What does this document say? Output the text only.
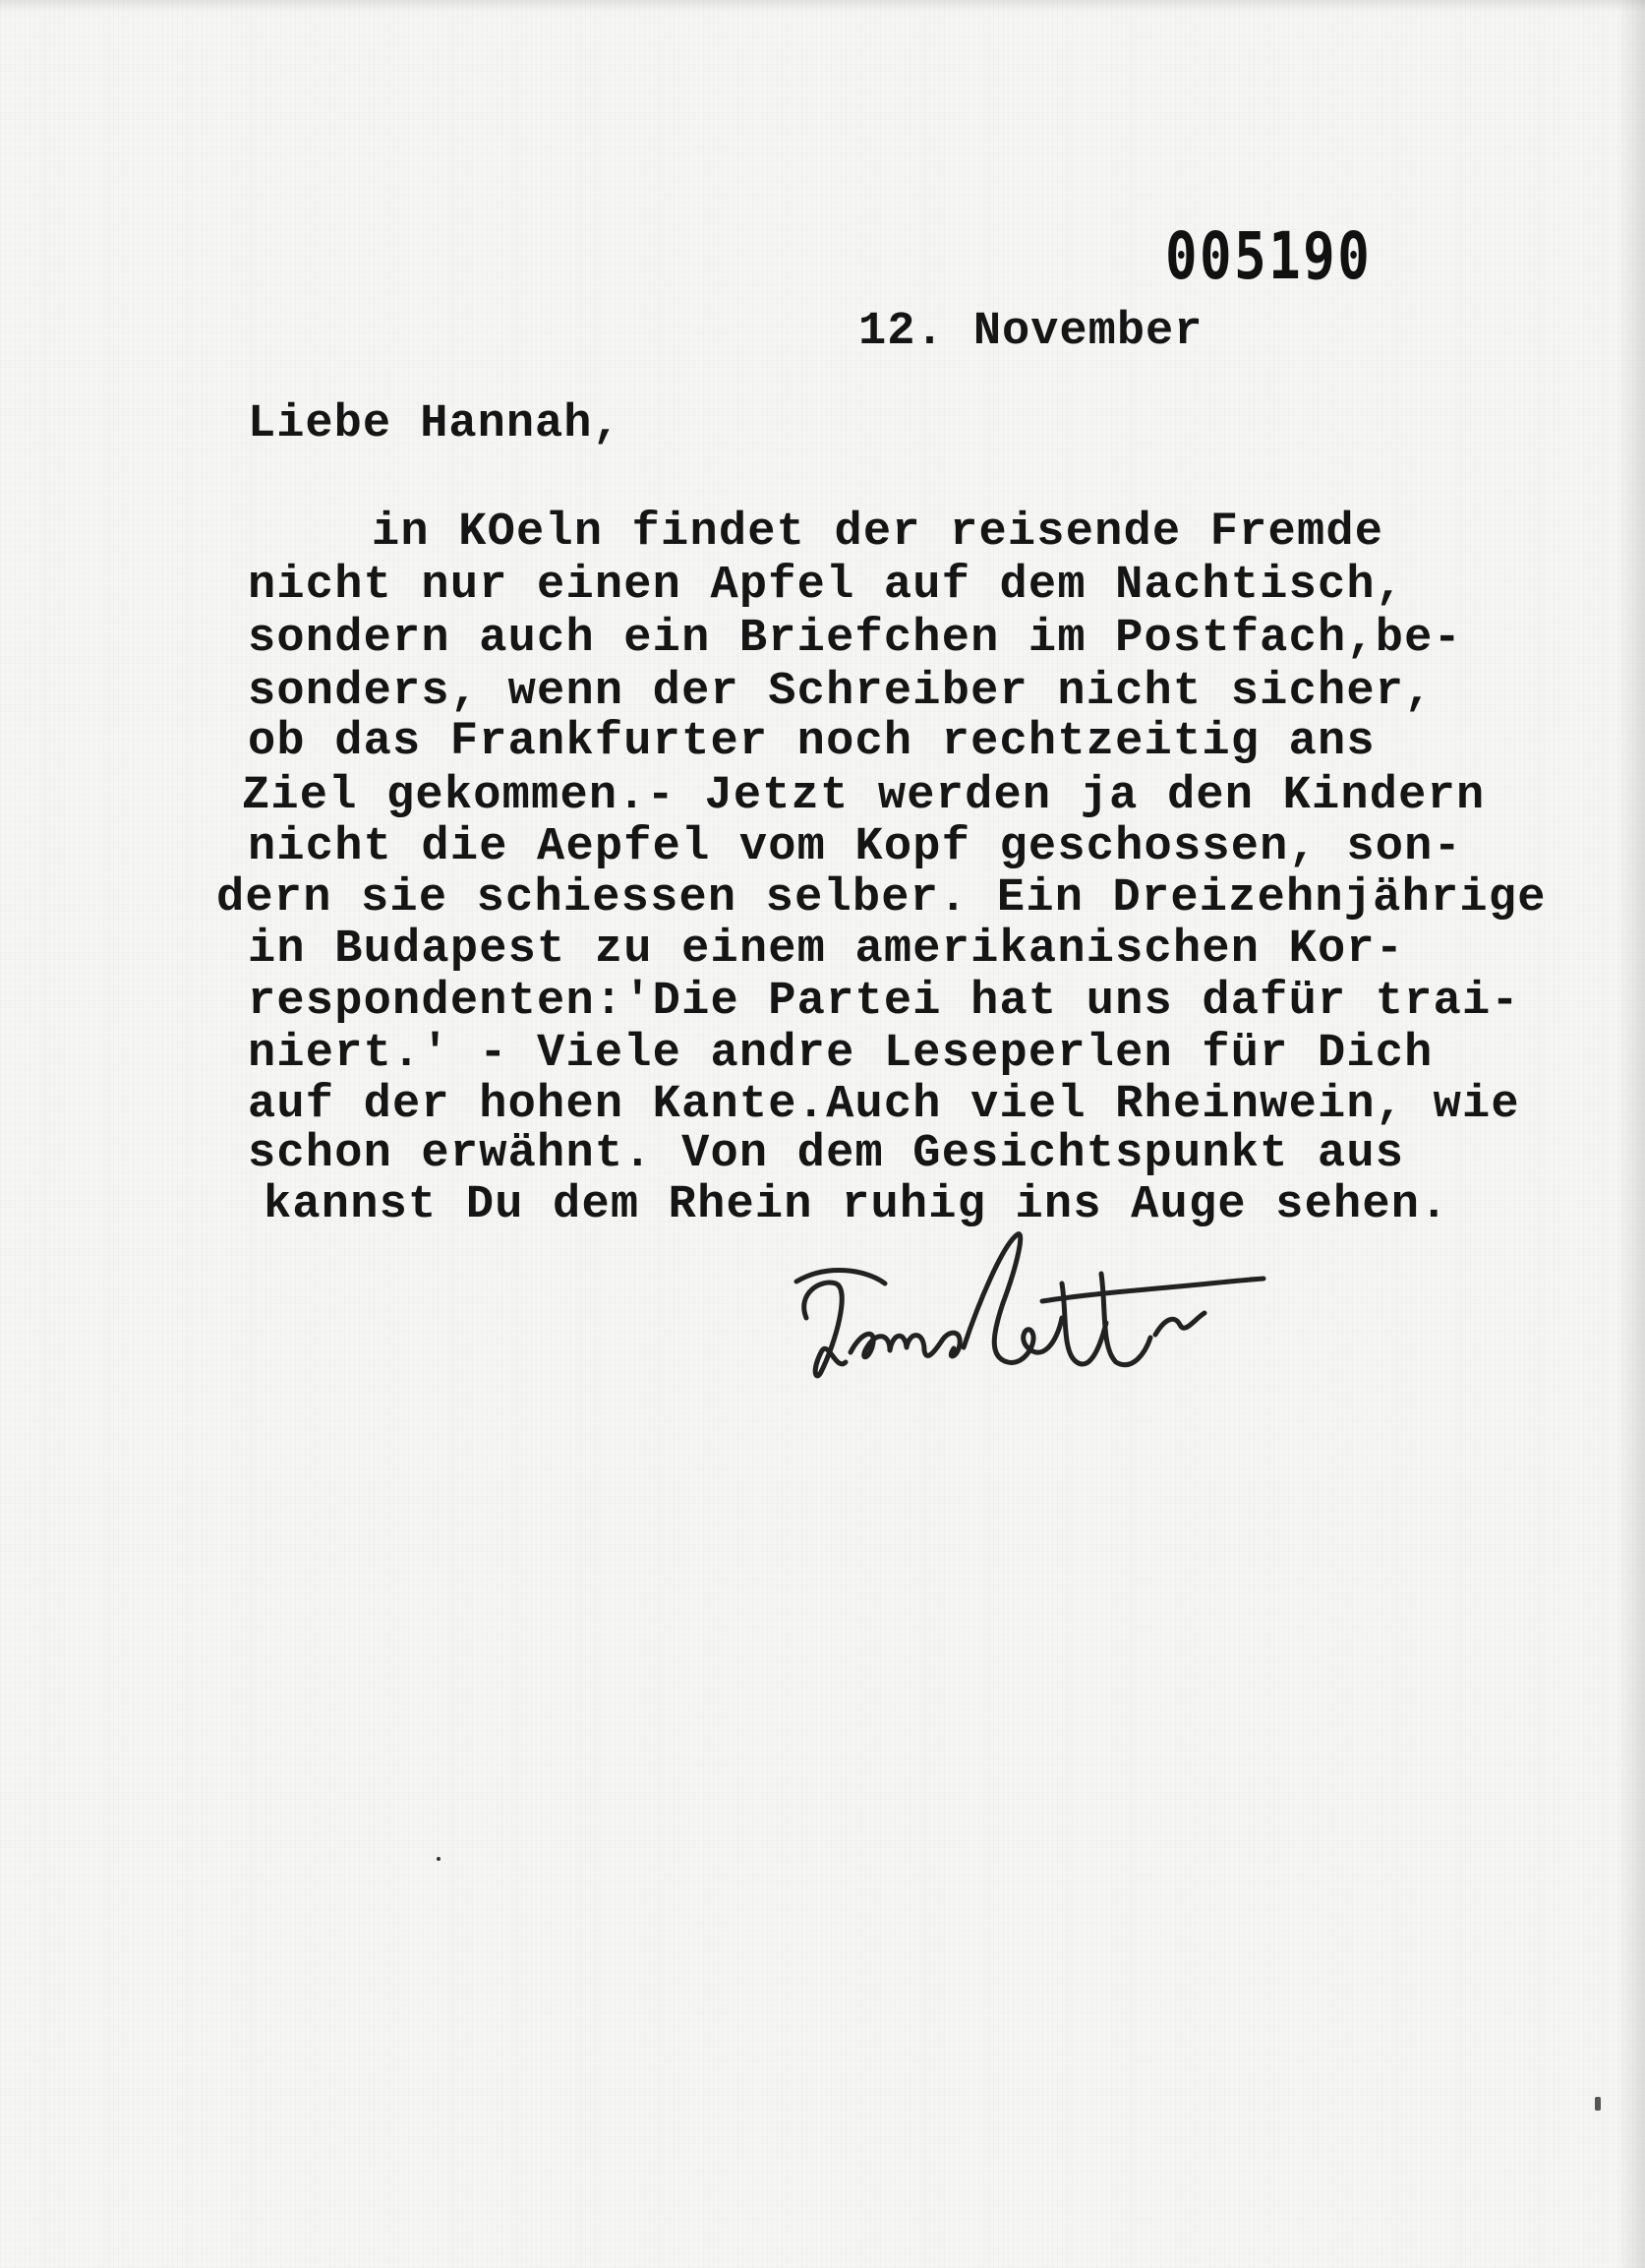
005190
12. November
Liebe Hannah,
in KOeln findet der reisende Fremde
nicht nur einen Apfel auf dem Nachtisch,
sondern auch ein Briefchen im Postfach,be-
sonders, wenn der Schreiber nicht sicher,
ob das Frankfurter noch rechtzeitig ans
Ziel gekommen.- Jetzt werden ja den Kindern
nicht die Aepfel vom Kopf geschossen, son-
dern sie schiessen selber. Ein Dreizehnjährige
in Budapest zu einem amerikanischen Kor-
respondenten:'Die Partei hat uns dafür trai-
niert.' - Viele andre Leseperlen für Dich
auf der hohen Kante.Auch viel Rheinwein, wie
schon erwähnt. Von dem Gesichtspunkt aus
kannst Du dem Rhein ruhig ins Auge sehen.
